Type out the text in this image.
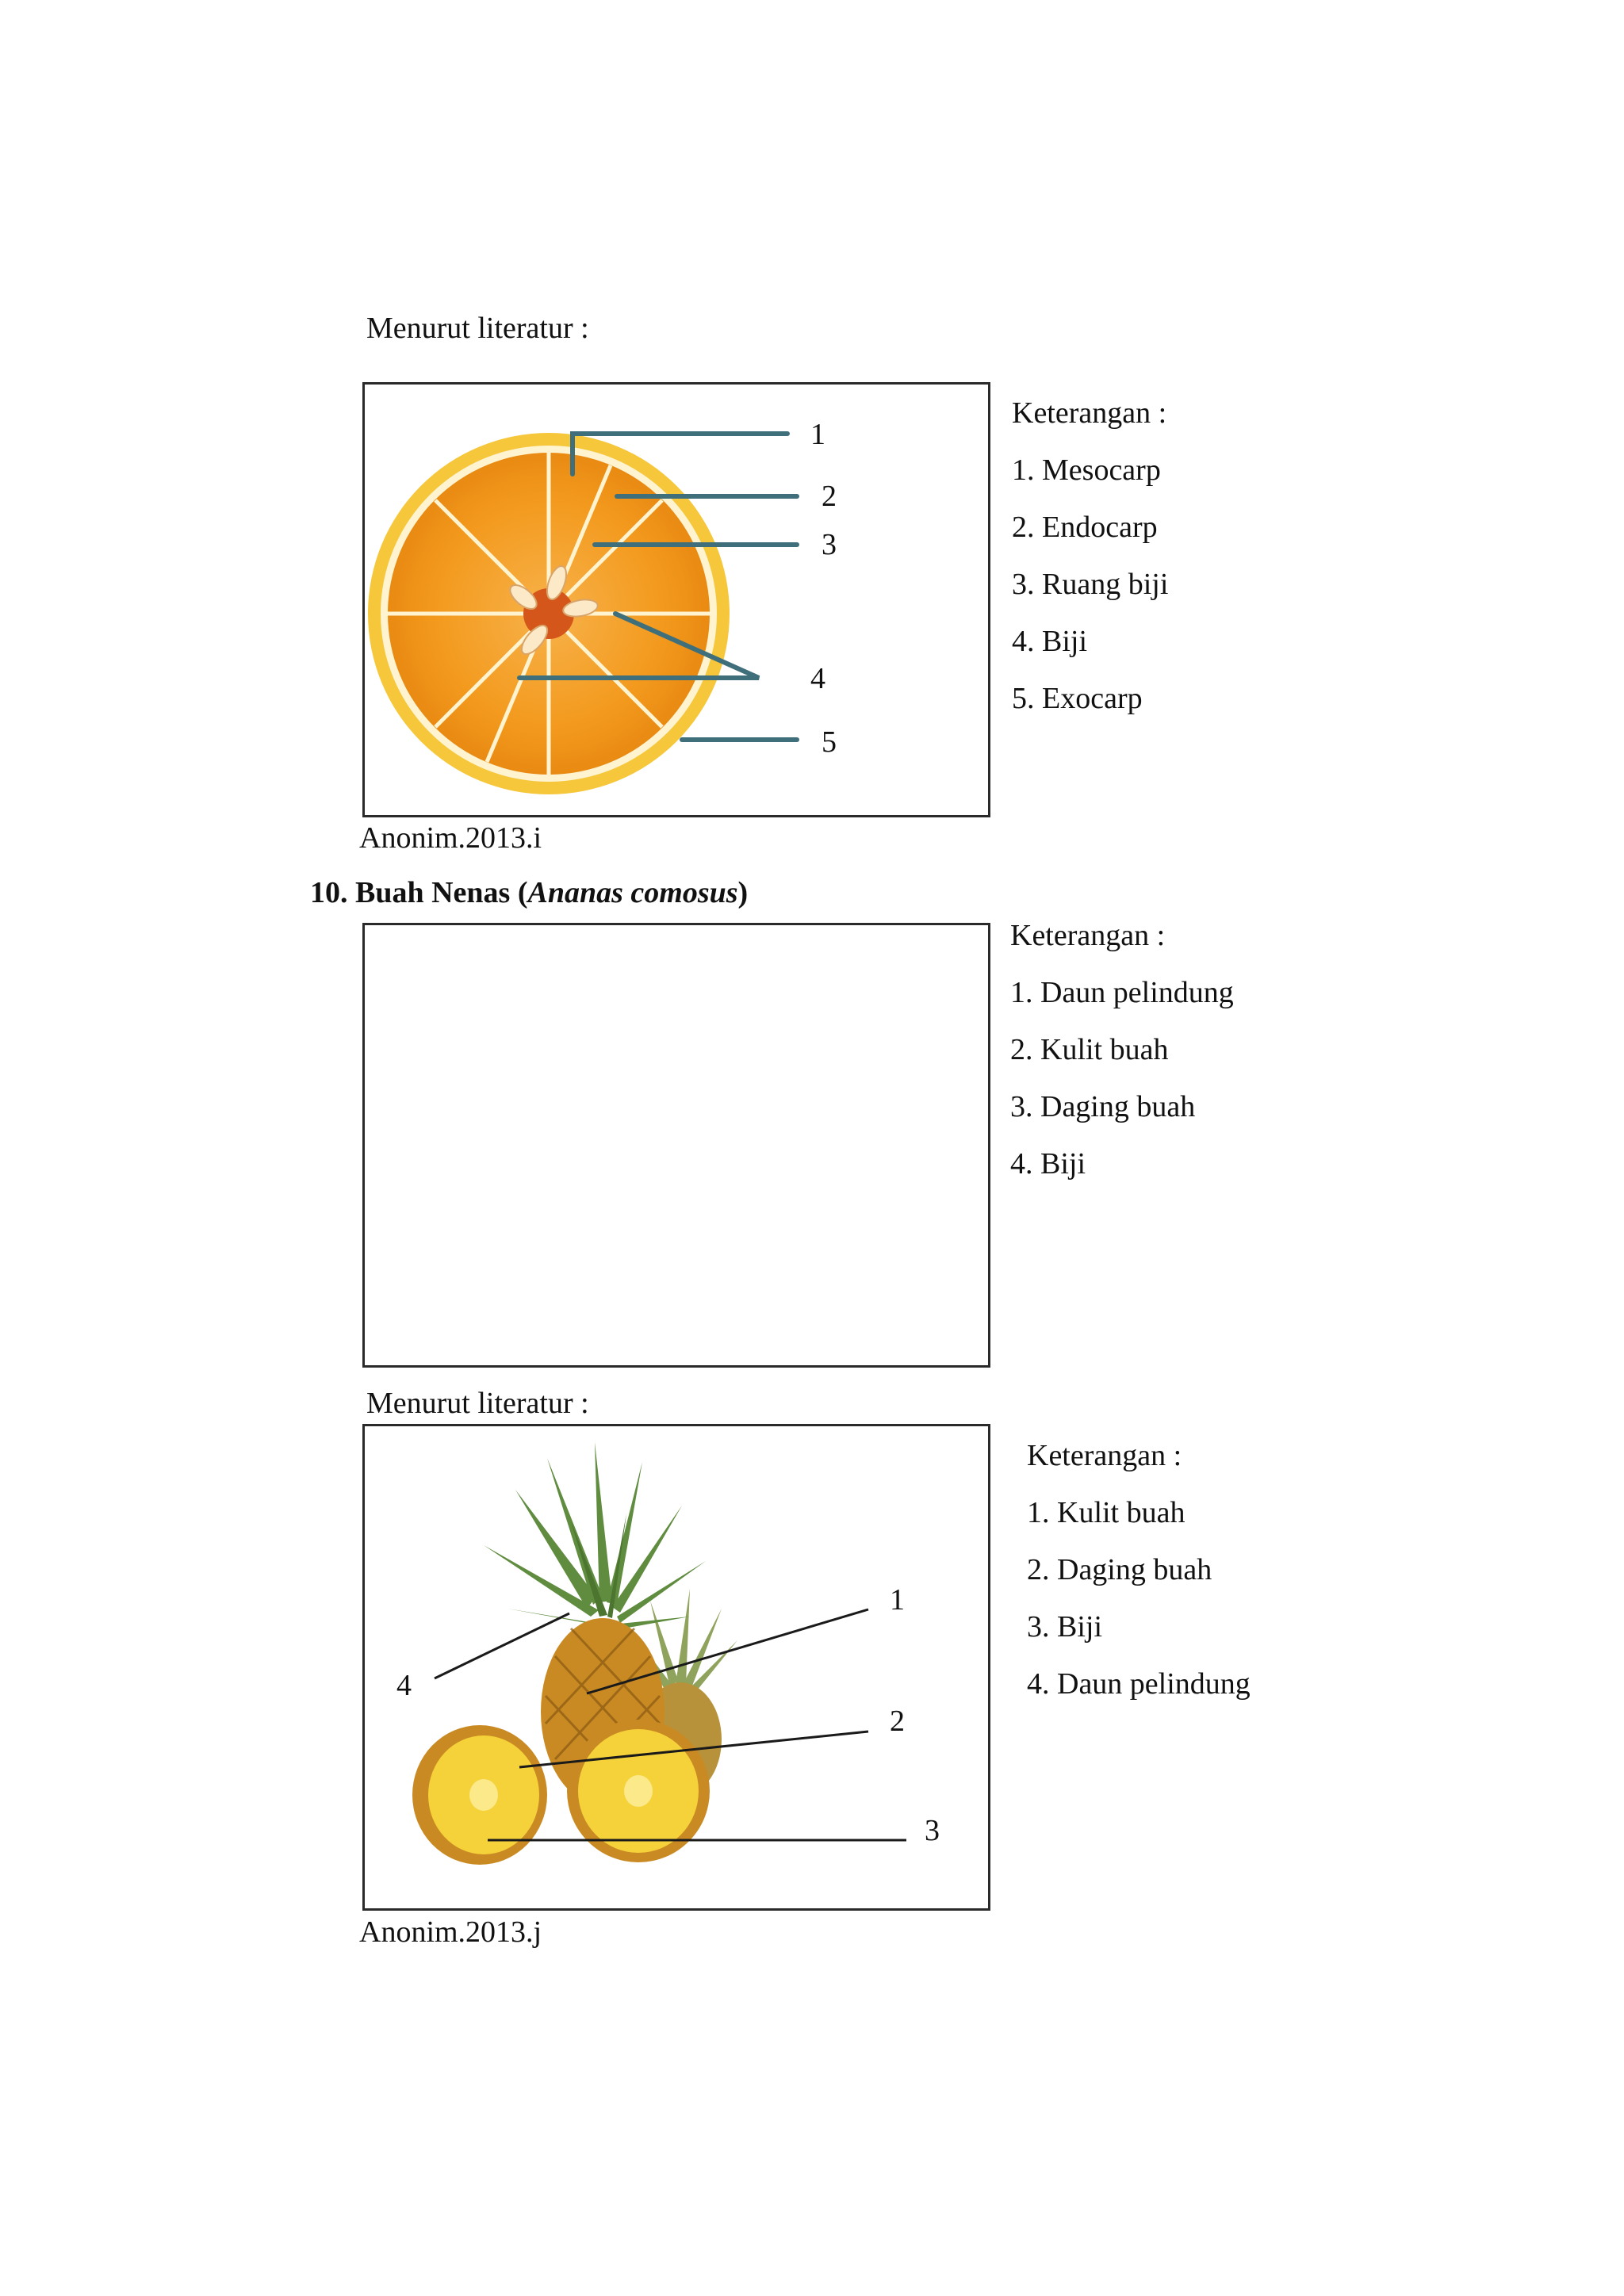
Menurut literatur :
1
2
3
4
5
Keterangan :
1. Mesocarp
2. Endocarp
3. Ruang biji
4. Biji
5. Exocarp
Anonim.2013.i
10. Buah Nenas (Ananas comosus)
Keterangan :
1. Daun pelindung
2. Kulit buah
3. Daging buah
4. Biji
Menurut literatur :
1
2
3
4
Keterangan :
1. Kulit buah
2. Daging buah
3. Biji
4. Daun pelindung
Anonim.2013.j
